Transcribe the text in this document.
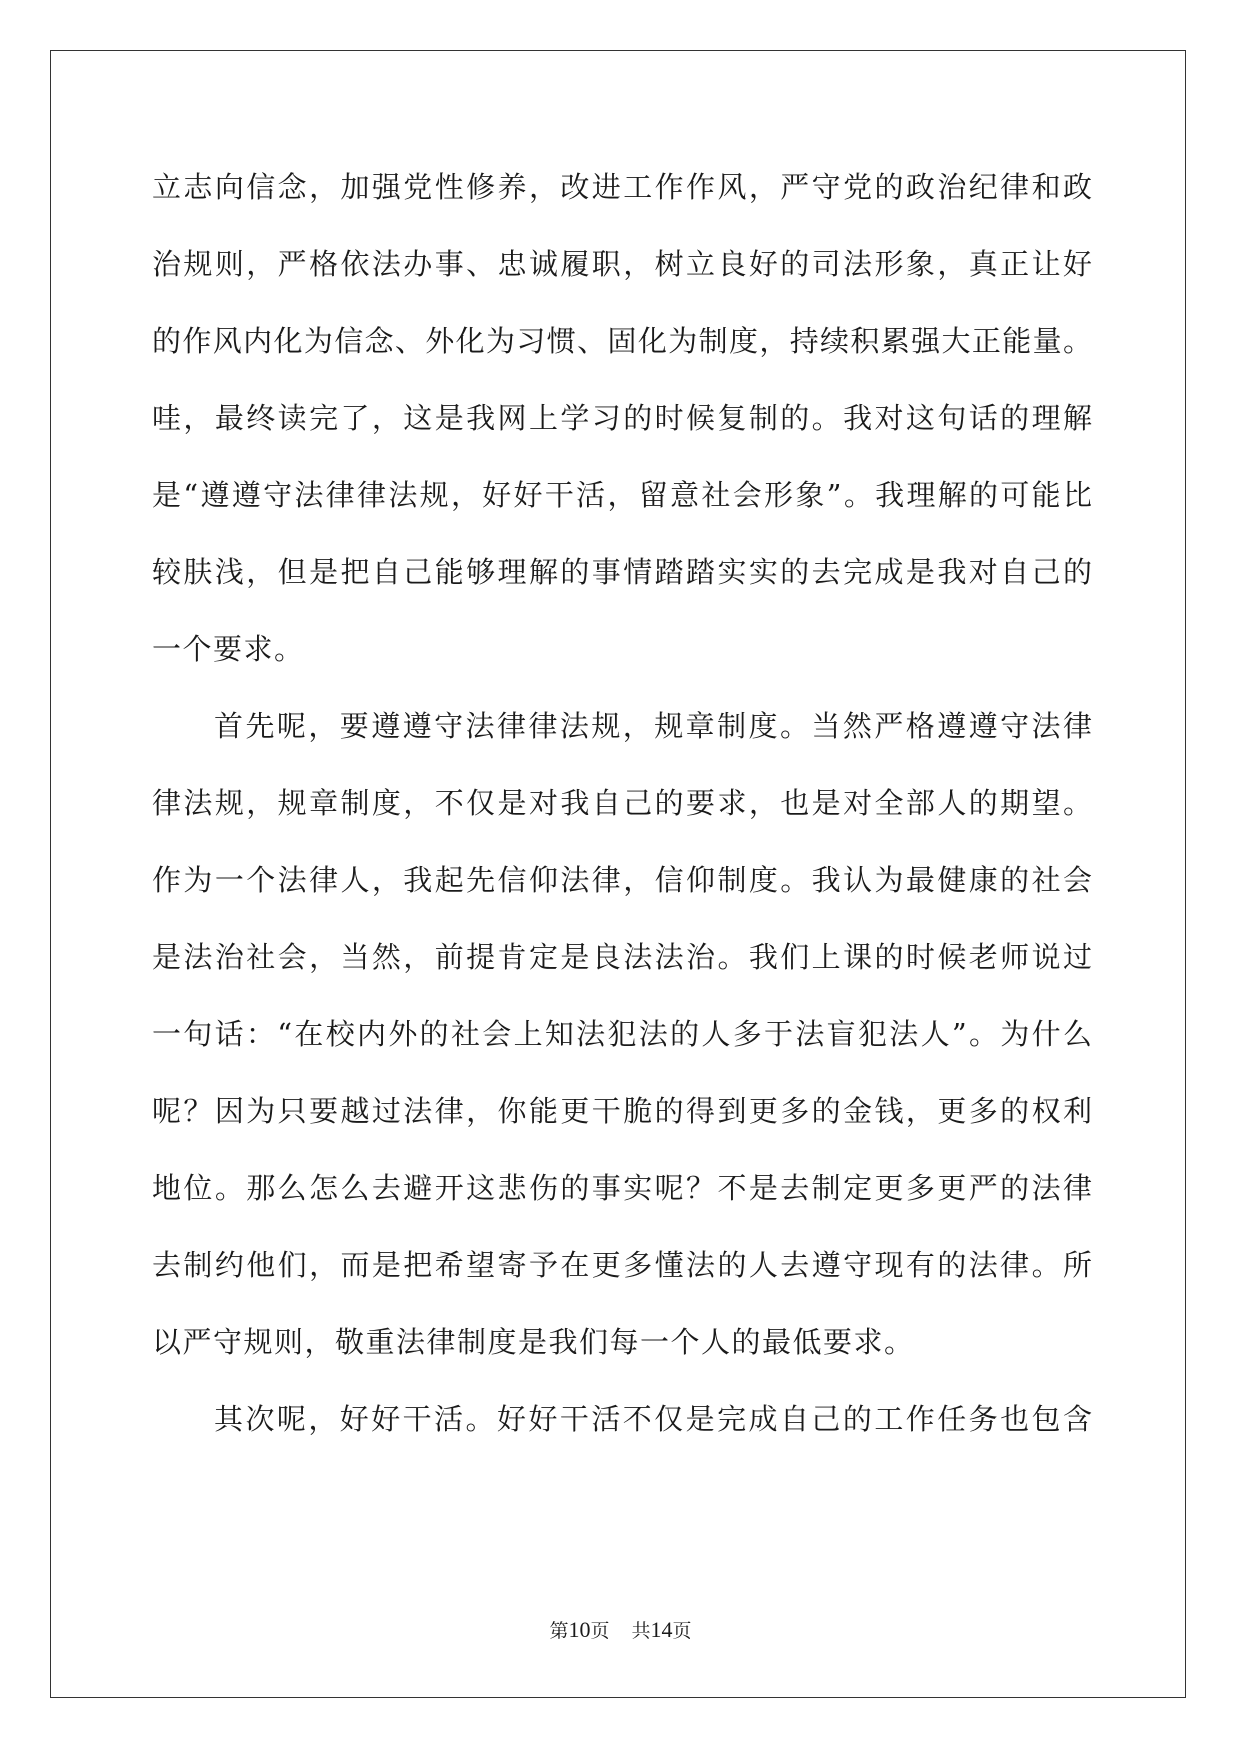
立志向信念，加强党性修养，改进工作作风，严守党的政治纪律和政
治规则，严格依法办事、忠诚履职，树立良好的司法形象，真正让好
的作风内化为信念、外化为习惯、固化为制度，持续积累强大正能量。
哇，最终读完了，这是我网上学习的时候复制的。我对这句话的理解
是“遵遵守法律律法规，好好干活，留意社会形象”。我理解的可能比
较肤浅，但是把自己能够理解的事情踏踏实实的去完成是我对自己的
一个要求。
首先呢，要遵遵守法律律法规，规章制度。当然严格遵遵守法律
律法规，规章制度，不仅是对我自己的要求，也是对全部人的期望。
作为一个法律人，我起先信仰法律，信仰制度。我认为最健康的社会
是法治社会，当然，前提肯定是良法法治。我们上课的时候老师说过
一句话：“在校内外的社会上知法犯法的人多于法盲犯法人”。为什么
呢？因为只要越过法律，你能更干脆的得到更多的金钱，更多的权利
地位。那么怎么去避开这悲伤的事实呢？不是去制定更多更严的法律
去制约他们，而是把希望寄予在更多懂法的人去遵守现有的法律。所
以严守规则，敬重法律制度是我们每一个人的最低要求。
其次呢，好好干活。好好干活不仅是完成自己的工作任务也包含
第10页 共14页
